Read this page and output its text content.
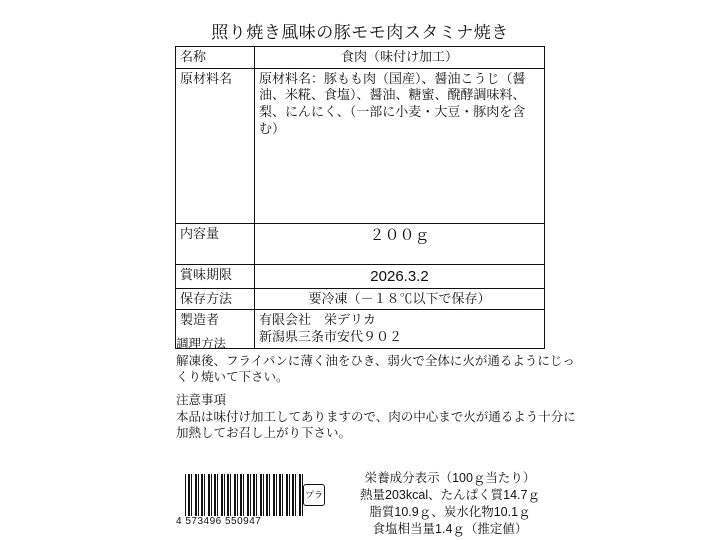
照り焼き風味の豚モモ肉スタミナ焼き
名称	食肉（味付け加工）
原材料名	原材料名：豚もも肉（国産）、醤油こうじ（醤油、米糀、食塩）、醤油、糖蜜、醗酵調味料、梨、にんにく、（一部に小麦・大豆・豚肉を含む）
内容量	２００ｇ
賞味期限	2026.3.2
保存方法	要冷凍（－１８℃以下で保存）
製造者	有限会社　栄デリカ
新潟県三条市安代９０２
調理方法
解凍後、フライパンに薄く油をひき、弱火で全体に火が通るようにじっくり焼いて下さい。
注意事項
本品は味付け加工してありますので、肉の中心まで火が通るよう十分に加熱してお召し上がり下さい。
栄養成分表示（100ｇ当たり）
熱量203kcal、たんぱく質14.7ｇ
脂質10.9ｇ、炭水化物10.1ｇ
食塩相当量1.4ｇ（推定値）
プラ
4 573496 550947
